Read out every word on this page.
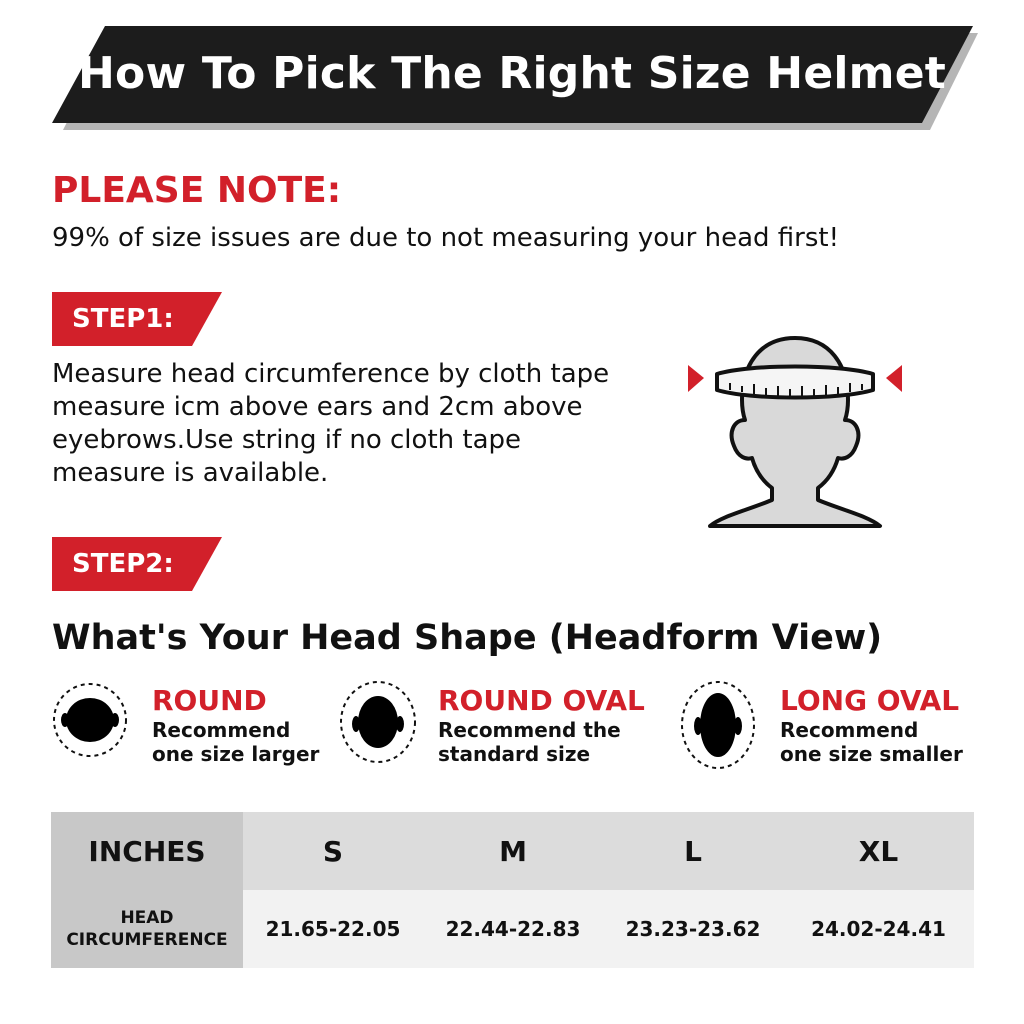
How To Pick The Right Size Helmet
PLEASE NOTE:
99% of size issues are due to not measuring your head first!
STEP1:
Measure head circumference by cloth tape measure icm above ears and 2cm above eyebrows.Use string if no cloth tape measure is available.
STEP2:
What's Your Head Shape (Headform View)
ROUND
Recommend
one size larger
ROUND OVAL
Recommend the
standard size
LONG OVAL
Recommend
one size smaller
INCHES	S	M	L	XL

HEAD
CIRCUMFERENCE	21.65-22.05	22.44-22.83	23.23-23.62	24.02-24.41
